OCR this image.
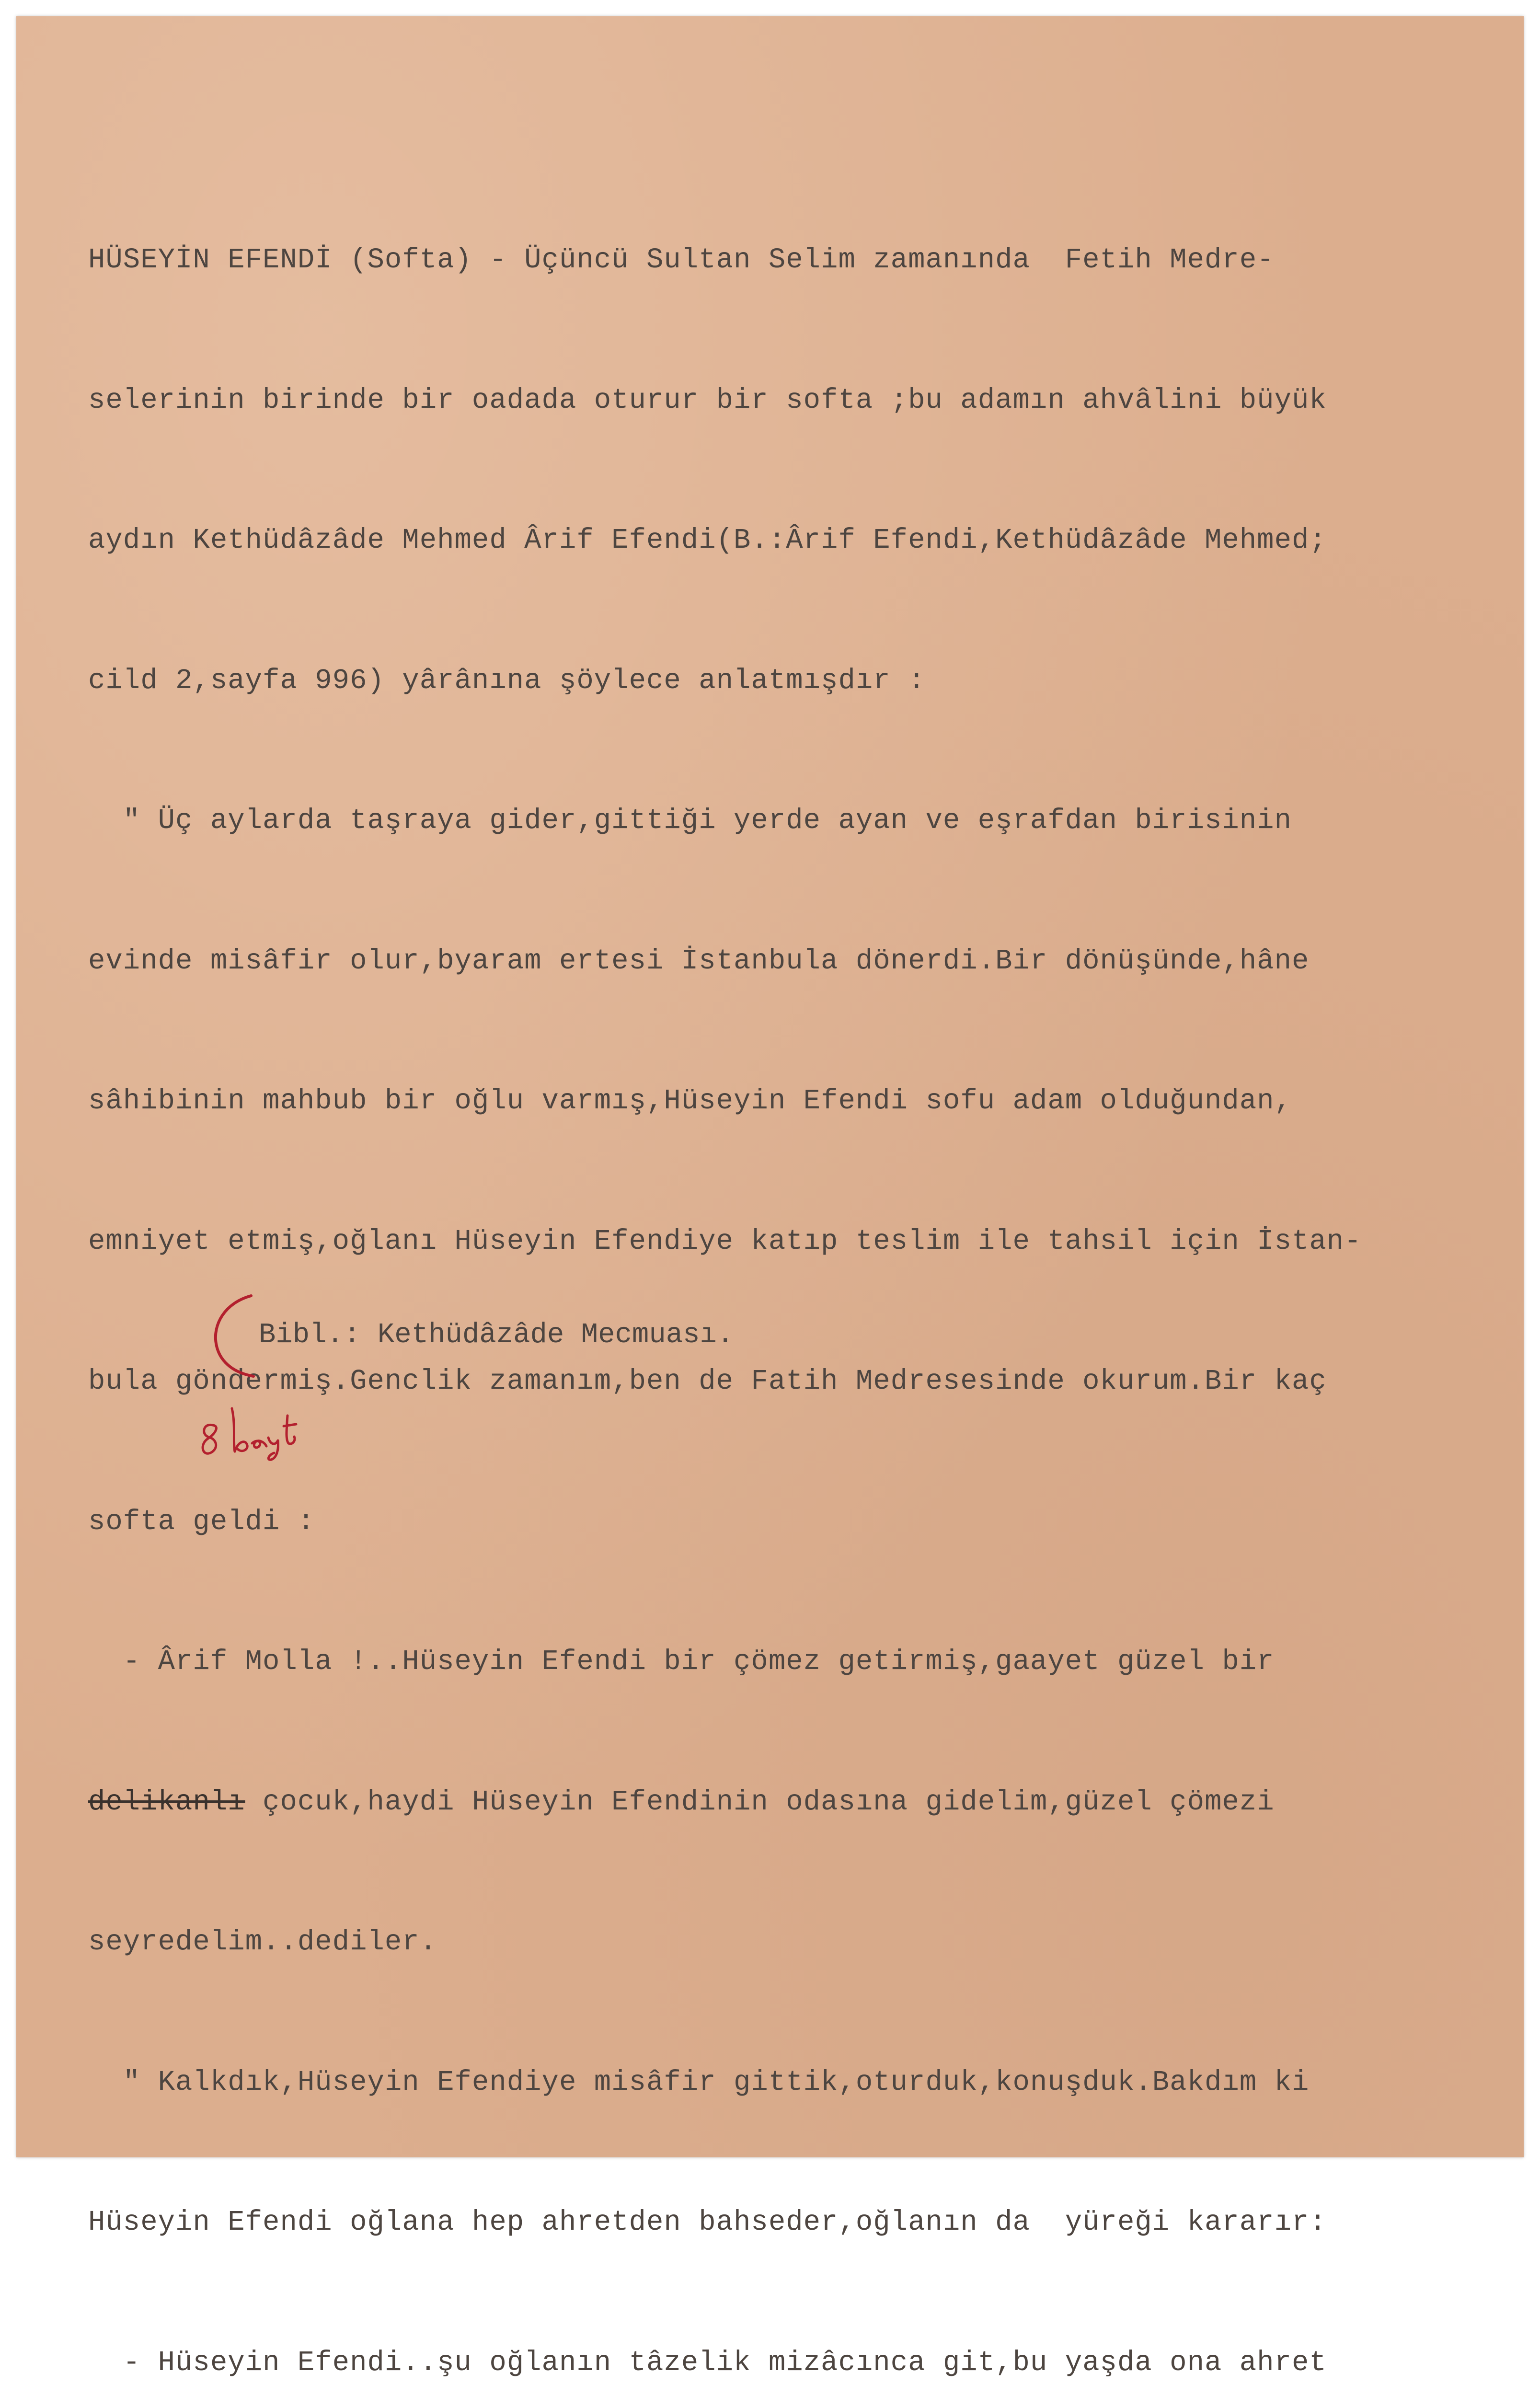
HÜSEYİN EFENDİ (Softa) - Üçüncü Sultan Selim zamanında  Fetih Medre-

selerinin birinde bir oadada oturur bir softa ;bu adamın ahvâlini büyük

aydın Kethüdâzâde Mehmed Ârif Efendi(B.:Ârif Efendi,Kethüdâzâde Mehmed;

cild 2,sayfa 996) yârânına şöylece anlatmışdır :

" Üç aylarda taşraya gider,gittiği yerde ayan ve eşrafdan birisinin

evinde misâfir olur,byaram ertesi İstanbula dönerdi.Bir dönüşünde,hâne

sâhibinin mahbub bir oğlu varmış,Hüseyin Efendi sofu adam olduğundan,

emniyet etmiş,oğlanı Hüseyin Efendiye katıp teslim ile tahsil için İstan-

bula göndermiş.Genclik zamanım,ben de Fatih Medresesinde okurum.Bir kaç

softa geldi :

- Ârif Molla !..Hüseyin Efendi bir çömez getirmiş,gaayet güzel bir

delikanlı çocuk,haydi Hüseyin Efendinin odasına gidelim,güzel çömezi

seyredelim..dediler.

" Kalkdık,Hüseyin Efendiye misâfir gittik,oturduk,konuşduk.Bakdım ki

Hüseyin Efendi oğlana hep ahretden bahseder,oğlanın da  yüreği kararır:

- Hüseyin Efendi..şu oğlanın tâzelik mizâcınca git,bu yaşda ona ahret

Bibl.: Kethüdâzâde Mecmuası.
